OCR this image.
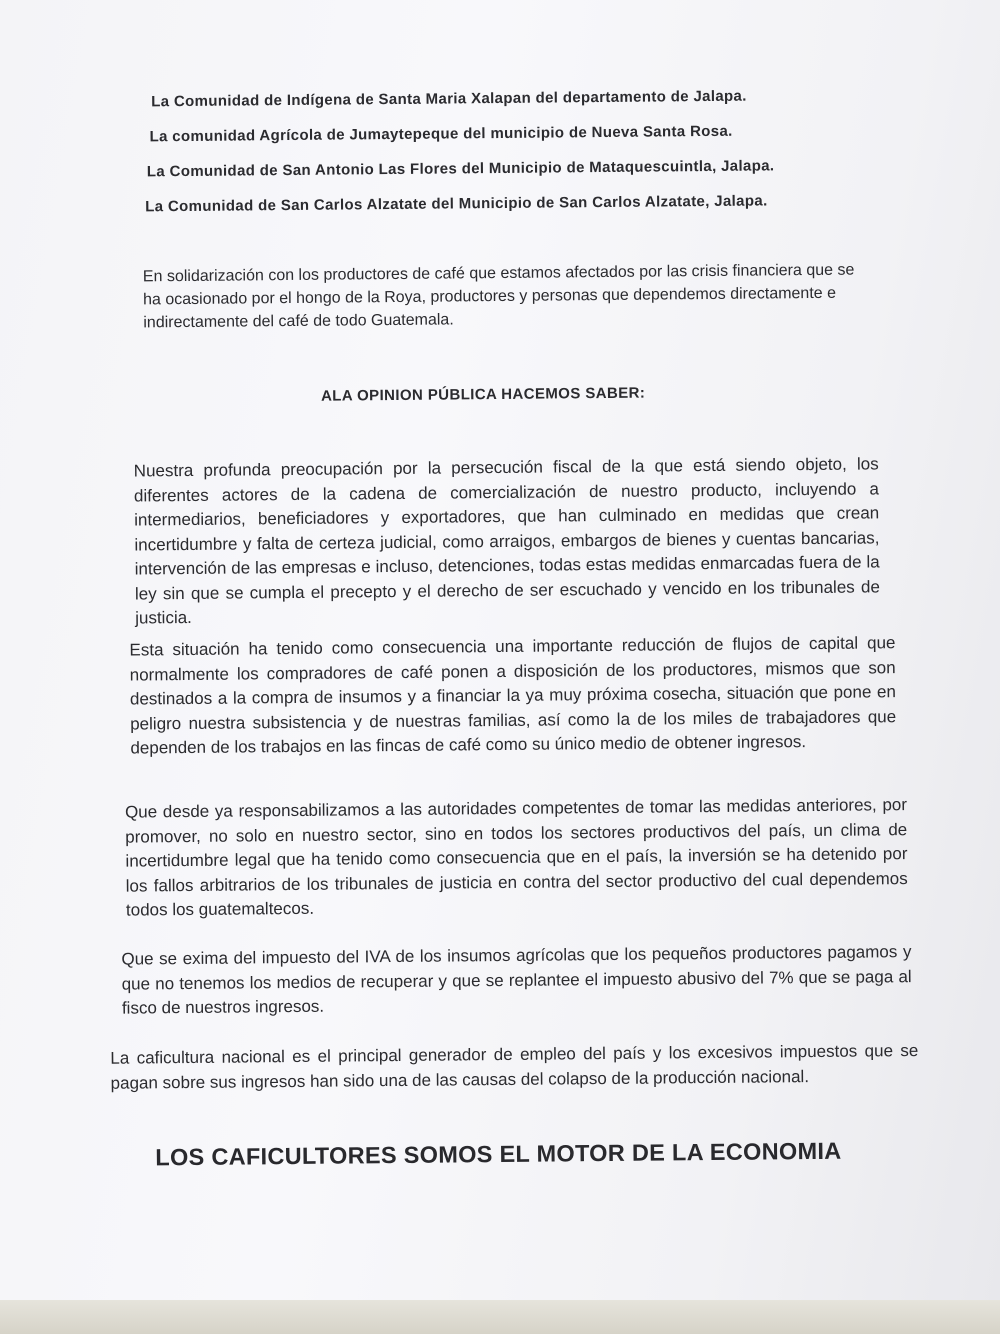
La Comunidad de Indígena de Santa Maria Xalapan del departamento de Jalapa.

La comunidad Agrícola de Jumaytepeque del municipio de Nueva Santa Rosa.

La Comunidad de San Antonio Las Flores del Municipio de Mataquescuintla, Jalapa.

La Comunidad de San Carlos Alzatate del Municipio de San Carlos Alzatate, Jalapa.

En solidarización con los productores de café que estamos afectados por las crisis financiera que se ha ocasionado por el hongo de la Roya, productores y personas que dependemos directamente e indirectamente del café de todo Guatemala.

ALA OPINION PÚBLICA HACEMOS SABER:

Nuestra profunda preocupación por la persecución fiscal de la que está siendo objeto, los diferentes actores de la cadena de comercialización de nuestro producto, incluyendo a intermediarios, beneficiadores y exportadores, que han culminado en medidas que crean incertidumbre y falta de certeza judicial, como arraigos, embargos de bienes y cuentas bancarias, intervención de las empresas e incluso, detenciones, todas estas medidas enmarcadas fuera de la ley sin que se cumpla el precepto y el derecho de ser escuchado y vencido en los tribunales de justicia.

Esta situación ha tenido como consecuencia una importante reducción de flujos de capital que normalmente los compradores de café ponen a disposición de los productores, mismos que son destinados a la compra de insumos y a financiar la ya muy próxima cosecha, situación que pone en peligro nuestra subsistencia y de nuestras familias, así como la de los miles de trabajadores que dependen de los trabajos en las fincas de café como su único medio de obtener ingresos.

Que desde ya responsabilizamos a las autoridades competentes de tomar las medidas anteriores, por promover, no solo en nuestro sector, sino en todos los sectores productivos del país, un clima de incertidumbre legal que ha tenido como consecuencia que en el país, la inversión se ha detenido por los fallos arbitrarios de los tribunales de justicia en contra del sector productivo del cual dependemos todos los guatemaltecos.

Que se exima del impuesto del IVA de los insumos agrícolas que los pequeños productores pagamos y que no tenemos los medios de recuperar y que se replantee el impuesto abusivo del 7% que se paga al fisco de nuestros ingresos.

La caficultura nacional es el principal generador de empleo del país y los excesivos impuestos que se pagan sobre sus ingresos han sido una de las causas del colapso de la producción nacional.

LOS CAFICULTORES SOMOS EL MOTOR DE LA ECONOMIA
